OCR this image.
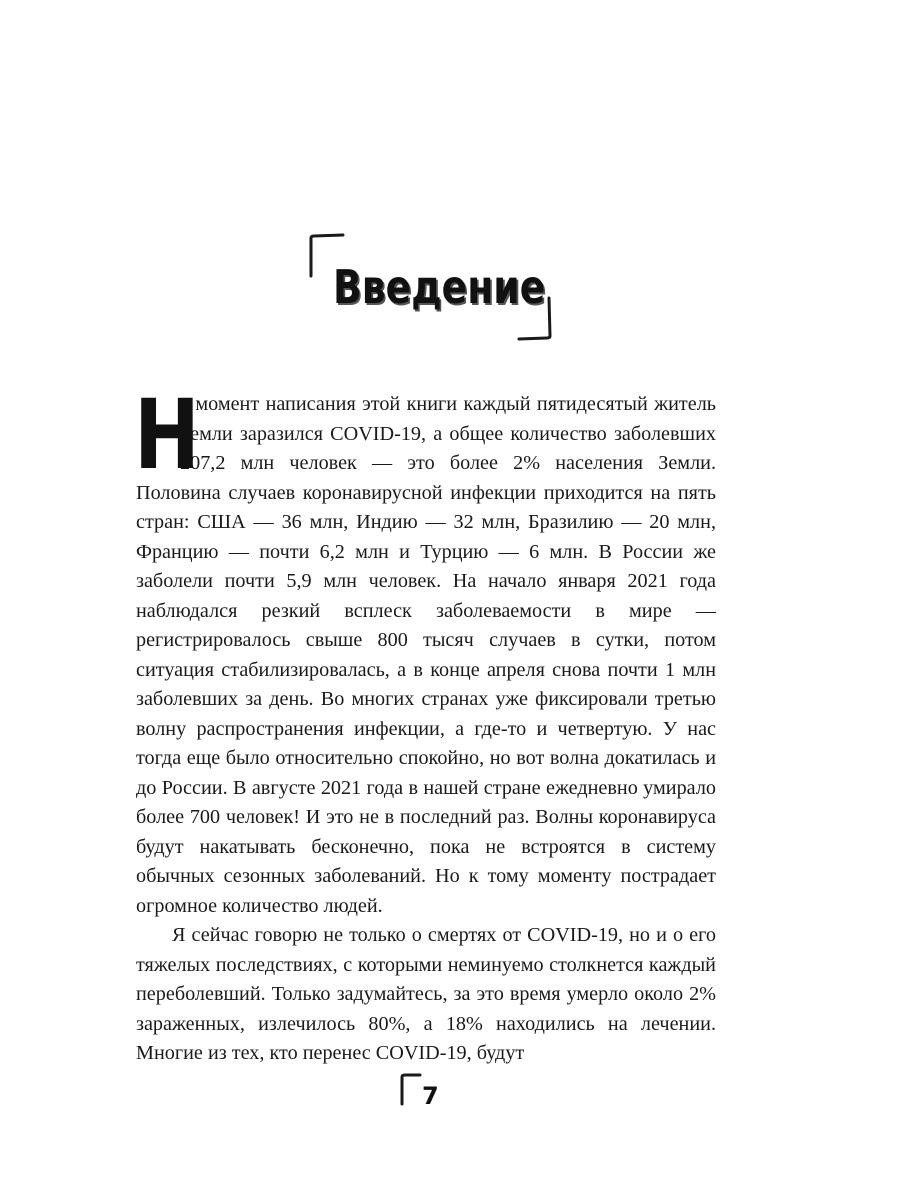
Введение

Н
а момент написания этой книги каждый пятидесятый житель Земли заразился COVID-19, а общее количество заболевших 207,2 млн человек — это более 2% населения Земли. Половина случаев коронавирусной инфекции приходится на пять стран: США — 36 млн, Индию — 32 млн, Бразилию — 20 млн, Францию — почти 6,2 млн и Турцию — 6 млн. В России же заболели почти 5,9 млн человек. На начало января 2021 года наблюдался резкий всплеск заболеваемости в мире — регистрировалось свыше 800 тысяч случаев в сутки, потом ситуация стабилизировалась, а в конце апреля снова почти 1 млн заболевших за день. Во многих странах уже фиксировали третью волну распространения инфекции, а где-то и четвертую. У нас тогда еще было относительно спокойно, но вот волна докатилась и до России. В августе 2021 года в нашей стране ежедневно умирало более 700 человек! И это не в последний раз. Волны коронавируса будут накатывать бесконечно, пока не встроятся в систему обычных сезонных заболеваний. Но к тому моменту пострадает огромное количество людей.

Я сейчас говорю не только о смертях от COVID-19, но и о его тяжелых последствиях, с которыми неминуемо столкнется каждый переболевший. Только задумайтесь, за это время умерло около 2% зараженных, излечилось 80%, а 18% находились на лечении. Многие из тех, кто перенес COVID-19, будут

7
